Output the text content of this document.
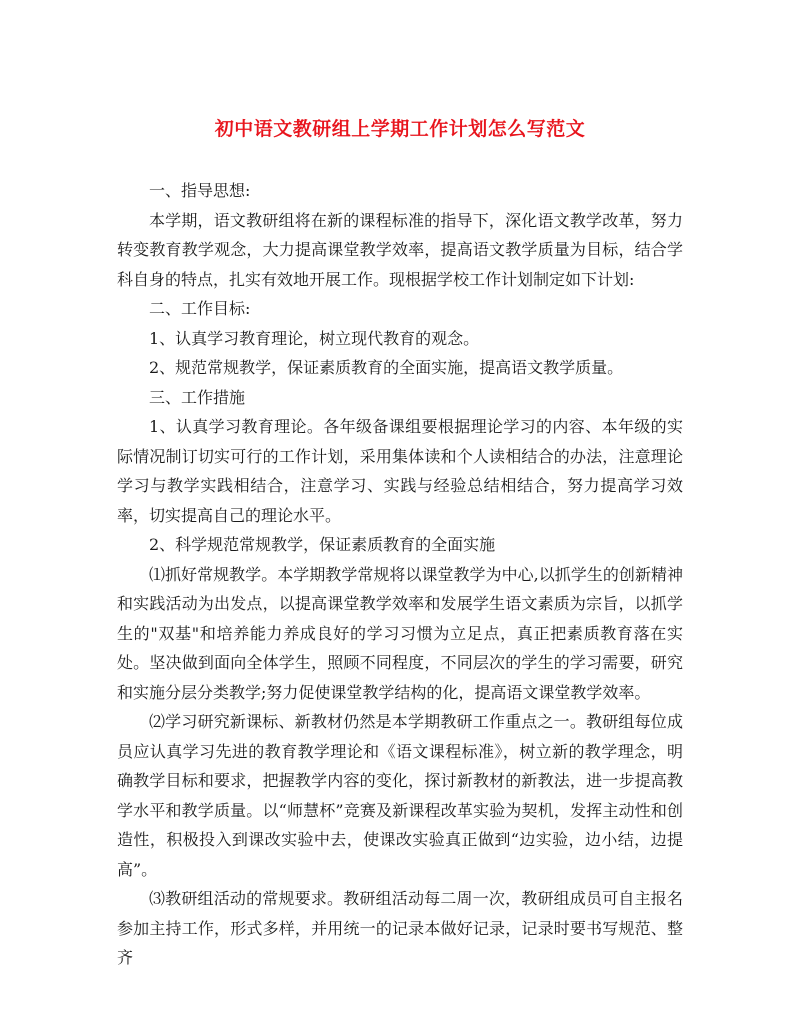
初中语文教研组上学期工作计划怎么写范文

一、指导思想:

本学期，语文教研组将在新的课程标准的指导下，深化语文教学改革，努力转变教育教学观念，大力提高课堂教学效率，提高语文教学质量为目标，结合学科自身的特点，扎实有效地开展工作。现根据学校工作计划制定如下计划:

二、工作目标:

1、认真学习教育理论，树立现代教育的观念。

2、规范常规教学，保证素质教育的全面实施，提高语文教学质量。

三、工作措施

1、认真学习教育理论。各年级备课组要根据理论学习的内容、本年级的实际情况制订切实可行的工作计划，采用集体读和个人读相结合的办法，注意理论学习与教学实践相结合，注意学习、实践与经验总结相结合，努力提高学习效率，切实提高自己的理论水平。

2、科学规范常规教学，保证素质教育的全面实施

⑴抓好常规教学。本学期教学常规将以课堂教学为中心,以抓学生的创新精神和实践活动为出发点，以提高课堂教学效率和发展学生语文素质为宗旨，以抓学生的"双基"和培养能力养成良好的学习习惯为立足点，真正把素质教育落在实处。坚决做到面向全体学生，照顾不同程度，不同层次的学生的学习需要，研究和实施分层分类教学;努力促使课堂教学结构的化，提高语文课堂教学效率。

⑵学习研究新课标、新教材仍然是本学期教研工作重点之一。教研组每位成员应认真学习先进的教育教学理论和《语文课程标准》，树立新的教学理念，明确教学目标和要求，把握教学内容的变化，探讨新教材的新教法，进一步提高教学水平和教学质量。以“师慧杯”竞赛及新课程改革实验为契机，发挥主动性和创造性，积极投入到课改实验中去，使课改实验真正做到“边实验，边小结，边提高”。

⑶教研组活动的常规要求。教研组活动每二周一次，教研组成员可自主报名参加主持工作，形式多样，并用统一的记录本做好记录，记录时要书写规范、整齐
